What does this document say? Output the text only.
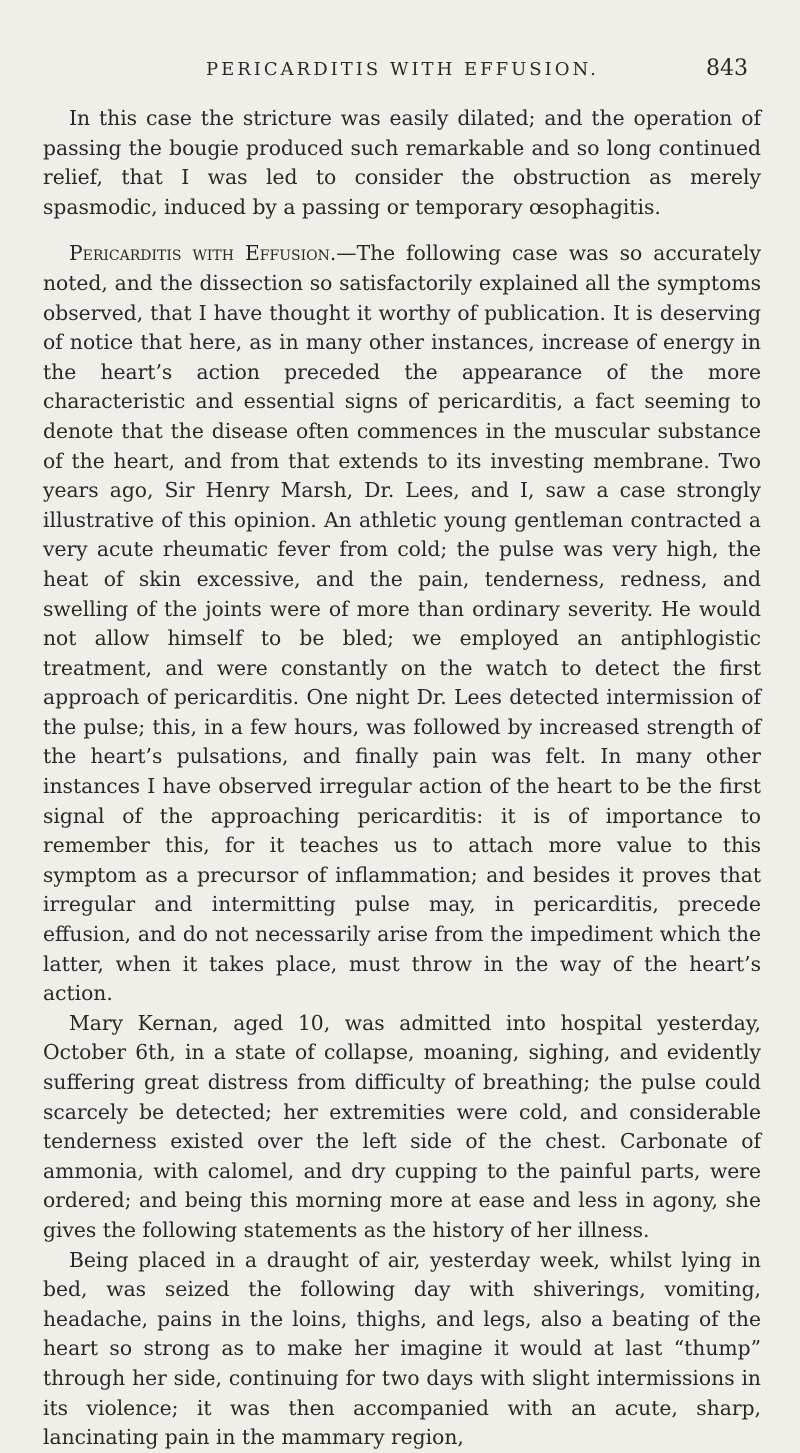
PERICARDITIS WITH EFFUSION.	843

In this case the stricture was easily dilated; and the operation of passing the bougie produced such remarkable and so long continued relief, that I was led to consider the obstruction as merely spasmodic, induced by a passing or temporary œsophagitis.

Pericarditis with Effusion.—The following case was so accurately noted, and the dissection so satisfactorily explained all the symptoms observed, that I have thought it worthy of publication. It is deserving of notice that here, as in many other instances, increase of energy in the heart’s action preceded the appearance of the more characteristic and essential signs of pericarditis, a fact seeming to denote that the disease often commences in the muscular substance of the heart, and from that extends to its investing membrane. Two years ago, Sir Henry Marsh, Dr. Lees, and I, saw a case strongly illustrative of this opinion. An athletic young gentleman contracted a very acute rheumatic fever from cold; the pulse was very high, the heat of skin excessive, and the pain, tenderness, redness, and swelling of the joints were of more than ordinary severity. He would not allow himself to be bled; we employed an antiphlogistic treatment, and were constantly on the watch to detect the first approach of pericarditis. One night Dr. Lees detected intermission of the pulse; this, in a few hours, was followed by increased strength of the heart’s pulsations, and finally pain was felt. In many other instances I have observed irregular action of the heart to be the first signal of the approaching pericarditis: it is of importance to remember this, for it teaches us to attach more value to this symptom as a precursor of inflammation; and besides it proves that irregular and intermitting pulse may, in pericarditis, precede effusion, and do not necessarily arise from the impediment which the latter, when it takes place, must throw in the way of the heart’s action.

Mary Kernan, aged 10, was admitted into hospital yesterday, October 6th, in a state of collapse, moaning, sighing, and evidently suffering great distress from difficulty of breathing; the pulse could scarcely be detected; her extremities were cold, and considerable tenderness existed over the left side of the chest. Carbonate of ammonia, with calomel, and dry cupping to the painful parts, were ordered; and being this morning more at ease and less in agony, she gives the following statements as the history of her illness.

Being placed in a draught of air, yesterday week, whilst lying in bed, was seized the following day with shiverings, vomiting, headache, pains in the loins, thighs, and legs, also a beating of the heart so strong as to make her imagine it would at last “thump” through her side, continuing for two days with slight intermissions in its violence; it was then accompanied with an acute, sharp, lancinating pain in the mammary region,
